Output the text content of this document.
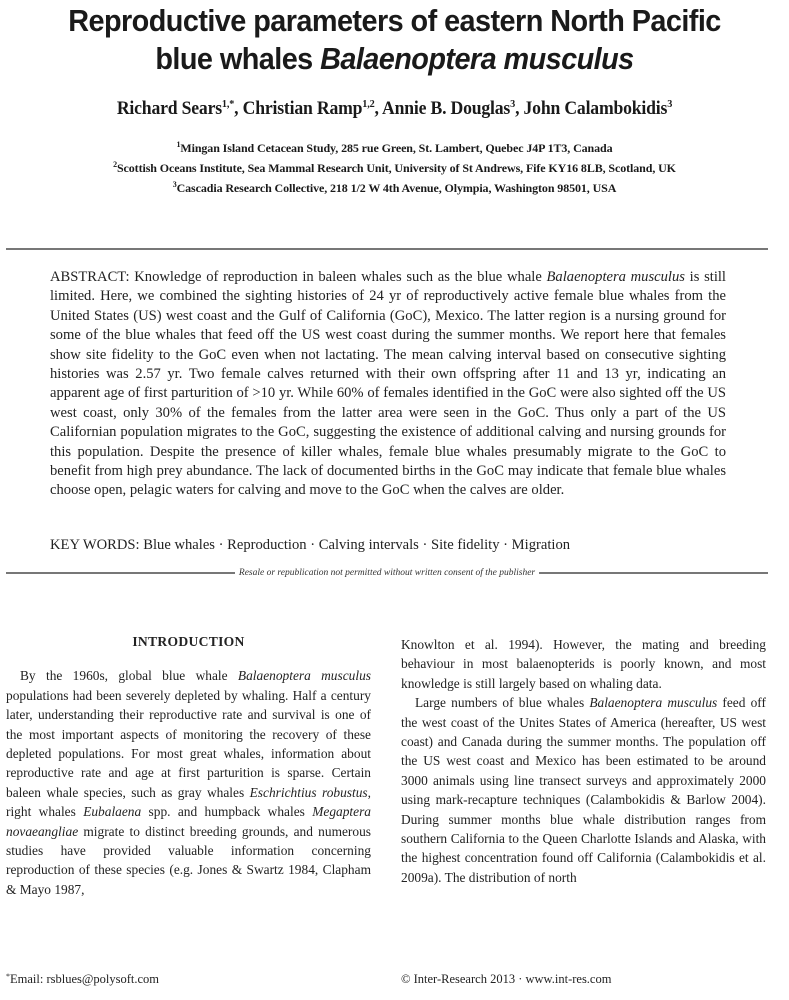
Reproductive parameters of eastern North Pacific
blue whales Balaenoptera musculus
Richard Sears$^{1,*}$, Christian Ramp$^{1,2}$, Annie B. Douglas$^3$, John Calambokidis$^3$
$^1$Mingan Island Cetacean Study, 285 rue Green, St. Lambert, Quebec J4P 1T3, Canada
$^2$Scottish Oceans Institute, Sea Mammal Research Unit, University of St Andrews, Fife KY16 8LB, Scotland, UK
$^3$Cascadia Research Collective, 218 1/2 W 4th Avenue, Olympia, Washington 98501, USA
ABSTRACT: Knowledge of reproduction in baleen whales such as the blue whale Balaenoptera musculus is still limited. Here, we combined the sighting histories of 24 yr of reproductively active female blue whales from the United States (US) west coast and the Gulf of California (GoC), Mexico. The latter region is a nursing ground for some of the blue whales that feed off the US west coast during the summer months. We report here that females show site fidelity to the GoC even when not lactating. The mean calving interval based on consecutive sighting histories was 2.57 yr. Two female calves returned with their own offspring after 11 and 13 yr, indicating an apparent age of first parturition of >10 yr. While 60% of females identified in the GoC were also sighted off the US west coast, only 30% of the females from the latter area were seen in the GoC. Thus only a part of the US Californian population migrates to the GoC, suggesting the existence of additional calving and nursing grounds for this population. Despite the presence of killer whales, female blue whales presumably migrate to the GoC to benefit from high prey abundance. The lack of documented births in the GoC may indicate that female blue whales choose open, pelagic waters for calving and move to the GoC when the calves are older.
KEY WORDS: Blue whales · Reproduction · Calving intervals · Site fidelity · Migration
Resale or republication not permitted without written consent of the publisher
INTRODUCTION

By the 1960s, global blue whale Balaenoptera musculus populations had been severely depleted by whaling. Half a century later, understanding their reproductive rate and survival is one of the most important aspects of monitoring the recovery of these depleted populations. For most great whales, information about reproductive rate and age at first parturition is sparse. Certain baleen whale species, such as gray whales Eschrichtius robustus, right whales Eubalaena spp. and humpback whales Megaptera novaeangliae migrate to distinct breeding grounds, and numerous studies have provided valuable information concerning reproduction of these species (e.g. Jones & Swartz 1984, Clapham & Mayo 1987,

Knowlton et al. 1994). However, the mating and breeding behaviour in most balaenopterids is poorly known, and most knowledge is still largely based on whaling data.

Large numbers of blue whales Balaenoptera musculus feed off the west coast of the Unites States of America (hereafter, US west coast) and Canada during the summer months. The population off the US west coast and Mexico has been estimated to be around 3000 animals using line transect surveys and approximately 2000 using mark-recapture techniques (Calambokidis & Barlow 2004). During summer months blue whale distribution ranges from southern California to the Queen Charlotte Islands and Alaska, with the highest concentration found off California (Calambokidis et al. 2009a). The distribution of north

*Email: rsblues@polysoft.com	© Inter-Research 2013 · www.int-res.com
